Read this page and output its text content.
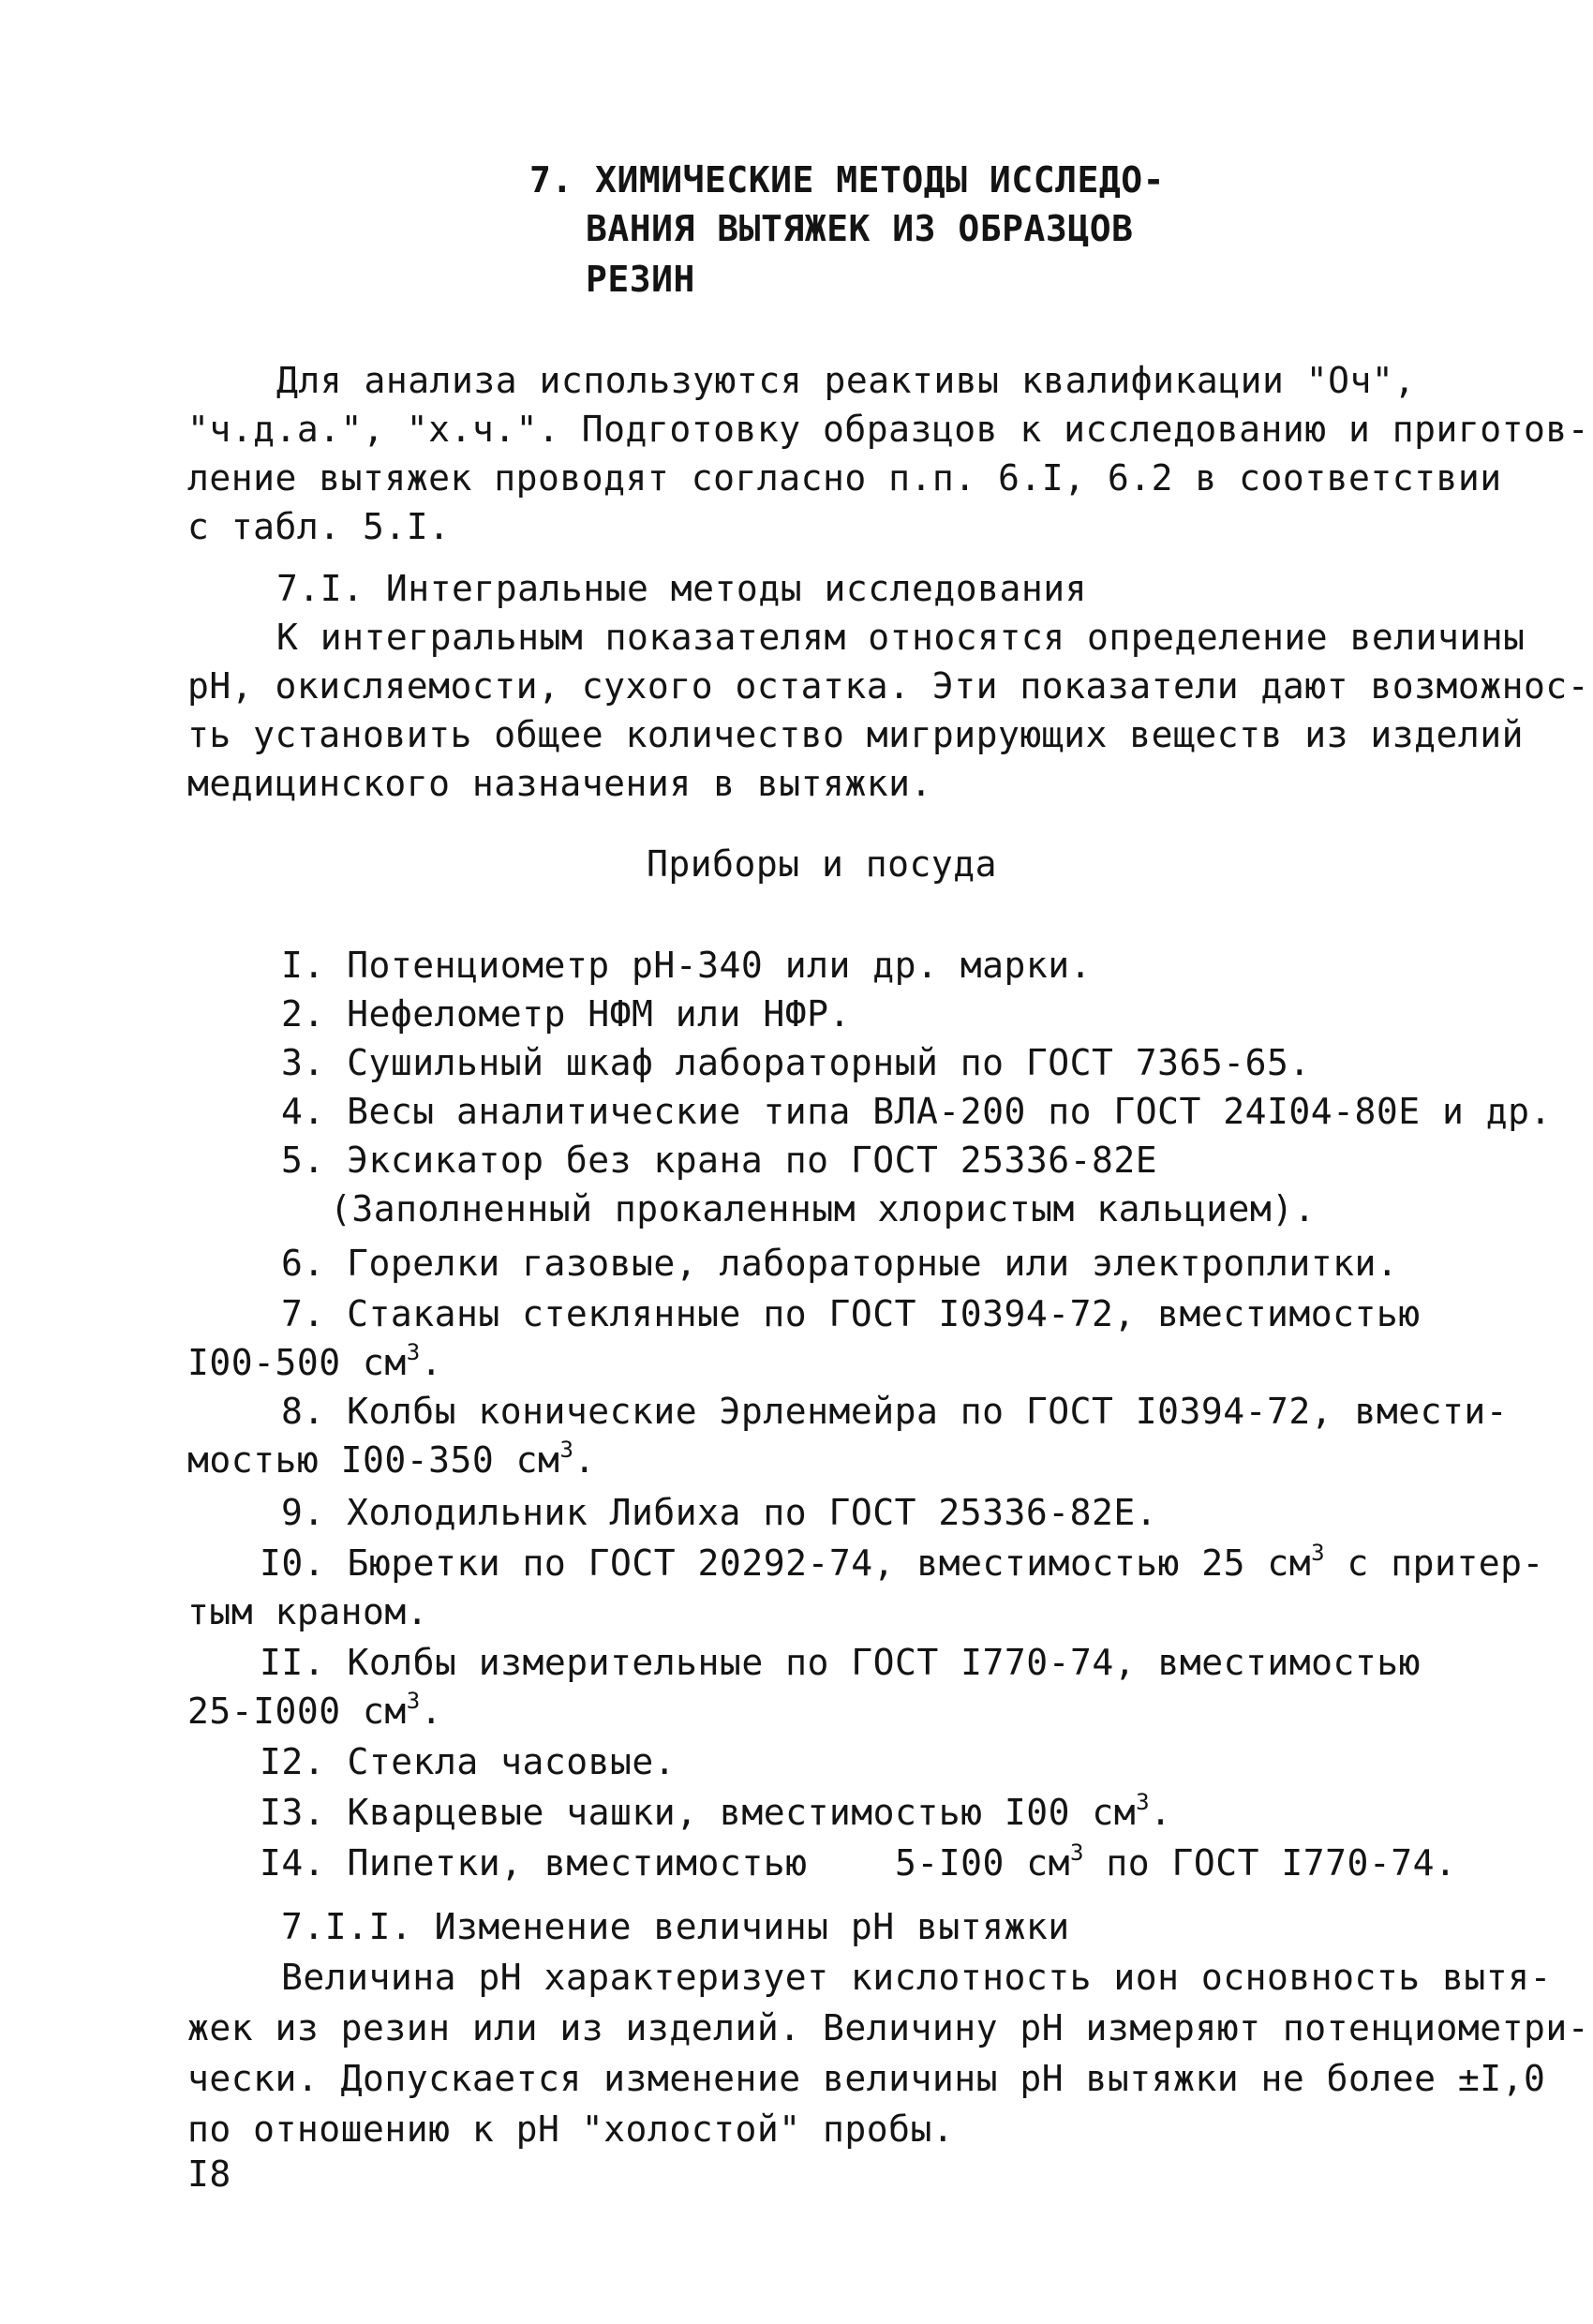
7. ХИМИЧЕСКИЕ МЕТОДЫ ИССЛЕДО-
ВАНИЯ ВЫТЯЖЕК ИЗ ОБРАЗЦОВ
РЕЗИН
Для анализа используются реактивы квалификации "Оч",
"ч.д.а.", "х.ч.". Подготовку образцов к исследованию и приготов-
ление вытяжек проводят согласно п.п. 6.I, 6.2 в соответствии
с табл. 5.I.
7.I. Интегральные методы исследования
К интегральным показателям относятся определение величины
pH, окисляемости, сухого остатка. Эти показатели дают возможнос-
ть установить общее количество мигрирующих веществ из изделий
медицинского назначения в вытяжки.
Приборы и посуда
I. Потенциометр pH-340 или др. марки.
2. Нефелометр НФМ или НФР.
3. Сушильный шкаф лабораторный по ГОСТ 7365-65.
4. Весы аналитические типа ВЛА-200 по ГОСТ 24I04-80Е и др.
5. Эксикатор без крана по ГОСТ 25336-82Е
(Заполненный прокаленным хлористым кальцием).
6. Горелки газовые, лабораторные или электроплитки.
7. Стаканы стеклянные по ГОСТ I0394-72, вместимостью
I00-500 $см^3$.
8. Колбы конические Эрленмейра по ГОСТ I0394-72, вмести-
мостью I00-350 $см^3$.
9. Холодильник Либиха по ГОСТ 25336-82Е.
I0. Бюретки по ГОСТ 20292-74, вместимостью 25 $см^3$ с притер-
тым краном.
II. Колбы измерительные по ГОСТ I770-74, вместимостью
25-I000 $см^3$.
I2. Стекла часовые.
I3. Кварцевые чашки, вместимостью I00 $см^3$.
I4. Пипетки, вместимостью    5-I00 $см^3$ по ГОСТ I770-74.
7.I.I. Изменение величины pH вытяжки
Величина pH характеризует кислотность ион основность вытя-
жек из резин или из изделий. Величину pH измеряют потенциометри-
чески. Допускается изменение величины pH вытяжки не более ±I,0
по отношению к pH "холостой" пробы.
I8
